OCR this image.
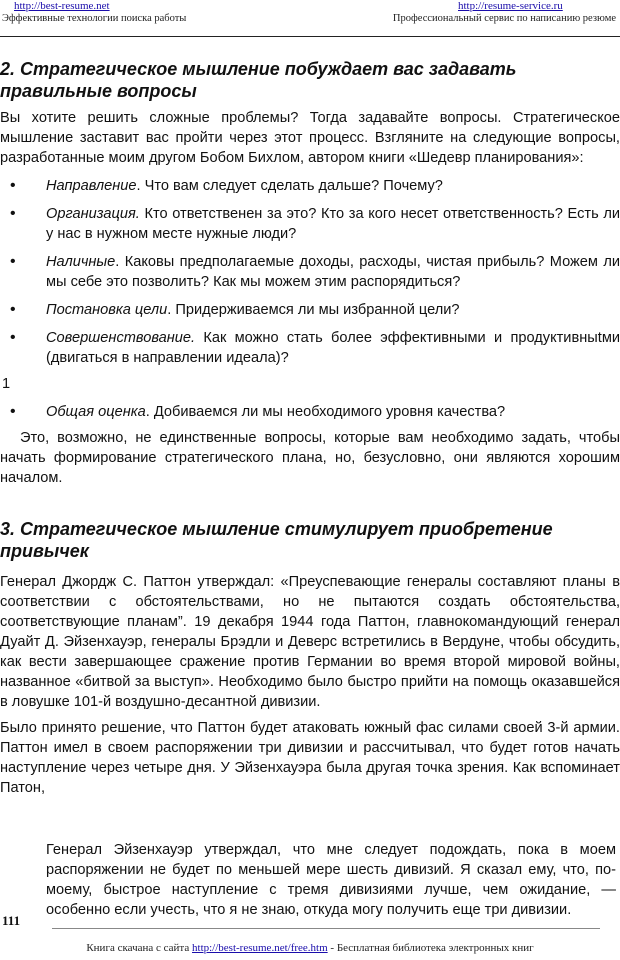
http://best-resume.net
Эффективные технологии поиска работы
http://resume-service.ru
Профессиональный сервис по написанию резюме
2. Стратегическое мышление побуждает вас задавать правильные вопросы

Вы хотите решить сложные проблемы? Тогда задавайте вопросы. Стратегическое мышление заставит вас пройти через этот процесс. Взгляните на следующие вопросы, разработанные моим другом Бобом Бихлом, автором книги «Шедевр планирования»:

• Направление. Что вам следует сделать дальше? Почему?
• Организация. Кто ответственен за это? Кто за кого несет ответственность? Есть ли у нас в нужном месте нужные люди?
• Наличные. Каковы предполагаемые доходы, расходы, чистая прибыль? Можем ли мы себе это позволить? Как мы можем этим распорядиться?
• Постановка цели. Придерживаемся ли мы избранной цели?
• Совершенствование. Как можно стать более эффективными и продуктивныtми (двигаться в направлении идеала)?

1

• Общая оценка. Добиваемся ли мы необходимого уровня качества?

Это, возможно, не единственные вопросы, которые вам необходимо задать, чтобы начать формирование стратегического плана, но, безусловно, они являются хорошим началом.

3. Стратегическое мышление стимулирует приобретение привычек

Генерал Джордж С. Паттон утверждал: «Преуспевающие генералы составляют планы в соответствии с обстоятельствами, но не пытаются создать обстоятельства, соответствующие планам”. 19 декабря 1944 года Паттон, главнокомандующий генерал Дуайт Д. Эйзенхауэр, генералы Брэдли и Деверс встретились в Вердуне, чтобы обсудить, как вести завершающее сражение против Германии во время второй мировой войны, названное «битвой за выступ». Необходимо было быстро прийти на помощь оказавшейся в ловушке 101-й воздушно-десантной дивизии.

Было принято решение, что Паттон будет атаковать южный фас силами своей 3-й армии. Паттон имел в своем распоряжении три дивизии и рассчитывал, что будет готов начать наступление через четыре дня. У Эйзенхауэра была другая точка зрения. Как вспоминает Патон,

Генерал Эйзенхауэр утверждал, что мне следует подождать, пока в моем распоряжении не будет по меньшей мере шесть дивизий. Я сказал ему, что, по-моему, быстрое наступление с тремя дивизиями лучше, чем ожидание, — особенно если учесть, что я не знаю, откуда могу получить еще три дивизии.

111
Книга скачана с сайта http://best-resume.net/free.htm - Бесплатная библиотека электронных книг
